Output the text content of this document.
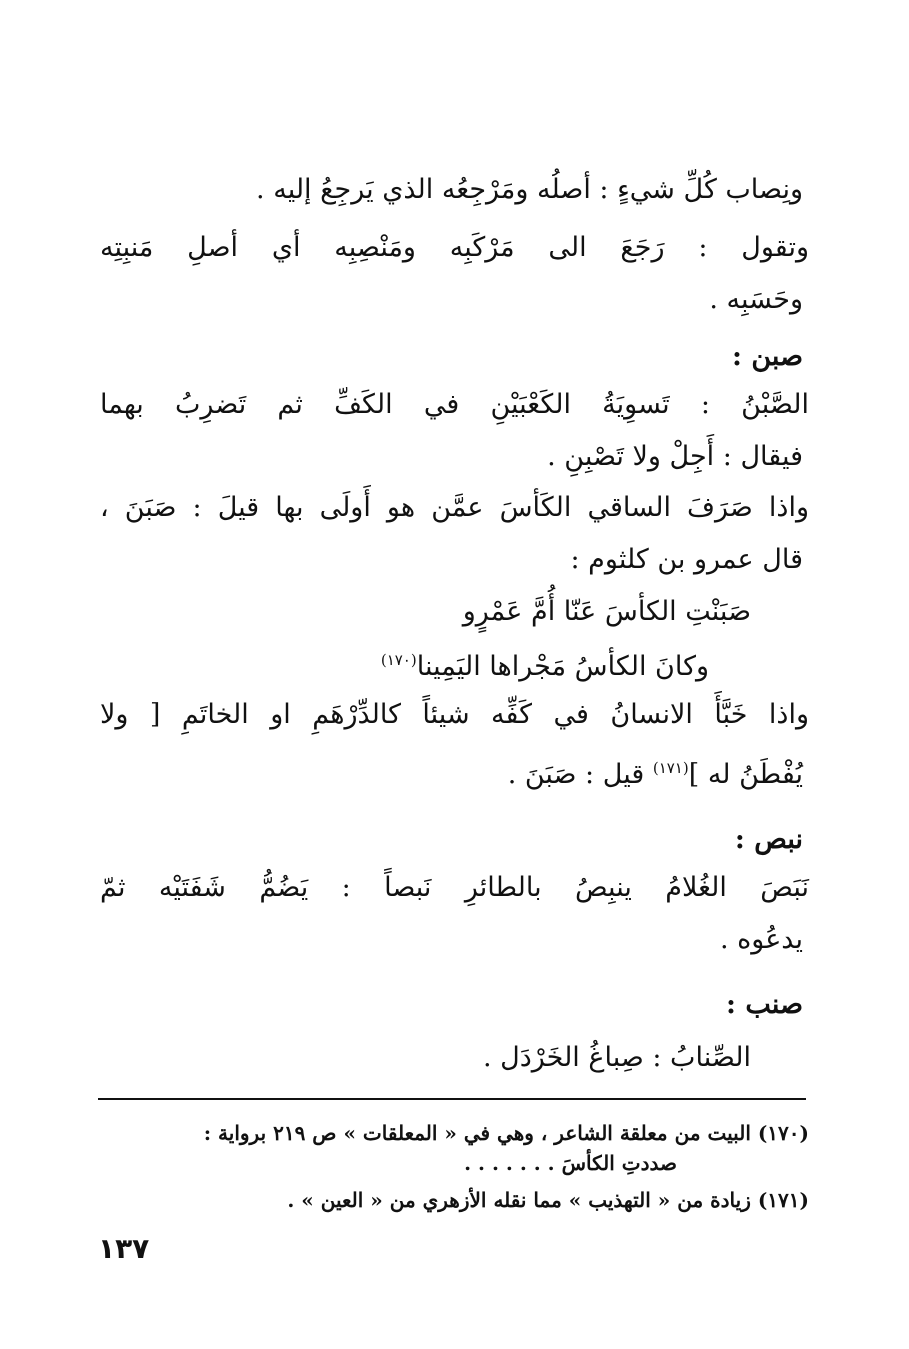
ونِصاب كُلِّ شيءٍ : أصلُه ومَرْجِعُه الذي يَرجِعُ إليه .
وتقول : رَجَعَ الى مَرْكَبِه ومَنْصِبِه أي أصلِ مَنبِتِه
وحَسَبِه .
صبن :
الصَّبْنُ : تَسوِيَةُ الكَعْبَيْنِ في الكَفِّ ثم تَضرِبُ بهما
فيقال : أَجِلْ ولا تَصْبِنِ .
واذا صَرَفَ الساقي الكَأسَ عمَّن هو أَولَى بها قيلَ : صَبَنَ ،
قال عمرو بن كلثوم :
صَبَنْتِ الكأسَ عَنّا أُمَّ عَمْرٍو
وكانَ الكأسُ مَجْراها اليَمِينا$^{(١٧٠)}$
واذا خَبَّأَ الانسانُ في كَفِّه شيئاً كالدِّرْهَمِ او الخاتَمِ [ ولا
يُفْطَنُ له ]$^{(١٧١)}$ قيل : صَبَنَ .
نبص :
نَبَصَ الغُلامُ ينبِصُ بالطائرِ نَبصاً : يَضُمُّ شَفَتَيْه ثمّ
يدعُوه .
صنب :
الصِّنابُ : صِباغُ الخَرْدَل .
(١٧٠) البيت من معلقة الشاعر ، وهي في « المعلقات » ص ٢١٩ برواية :
صددتِ الكأسَ . . . . . . .
(١٧١) زيادة من « التهذيب » مما نقله الأزهري من « العين » .
١٣٧
